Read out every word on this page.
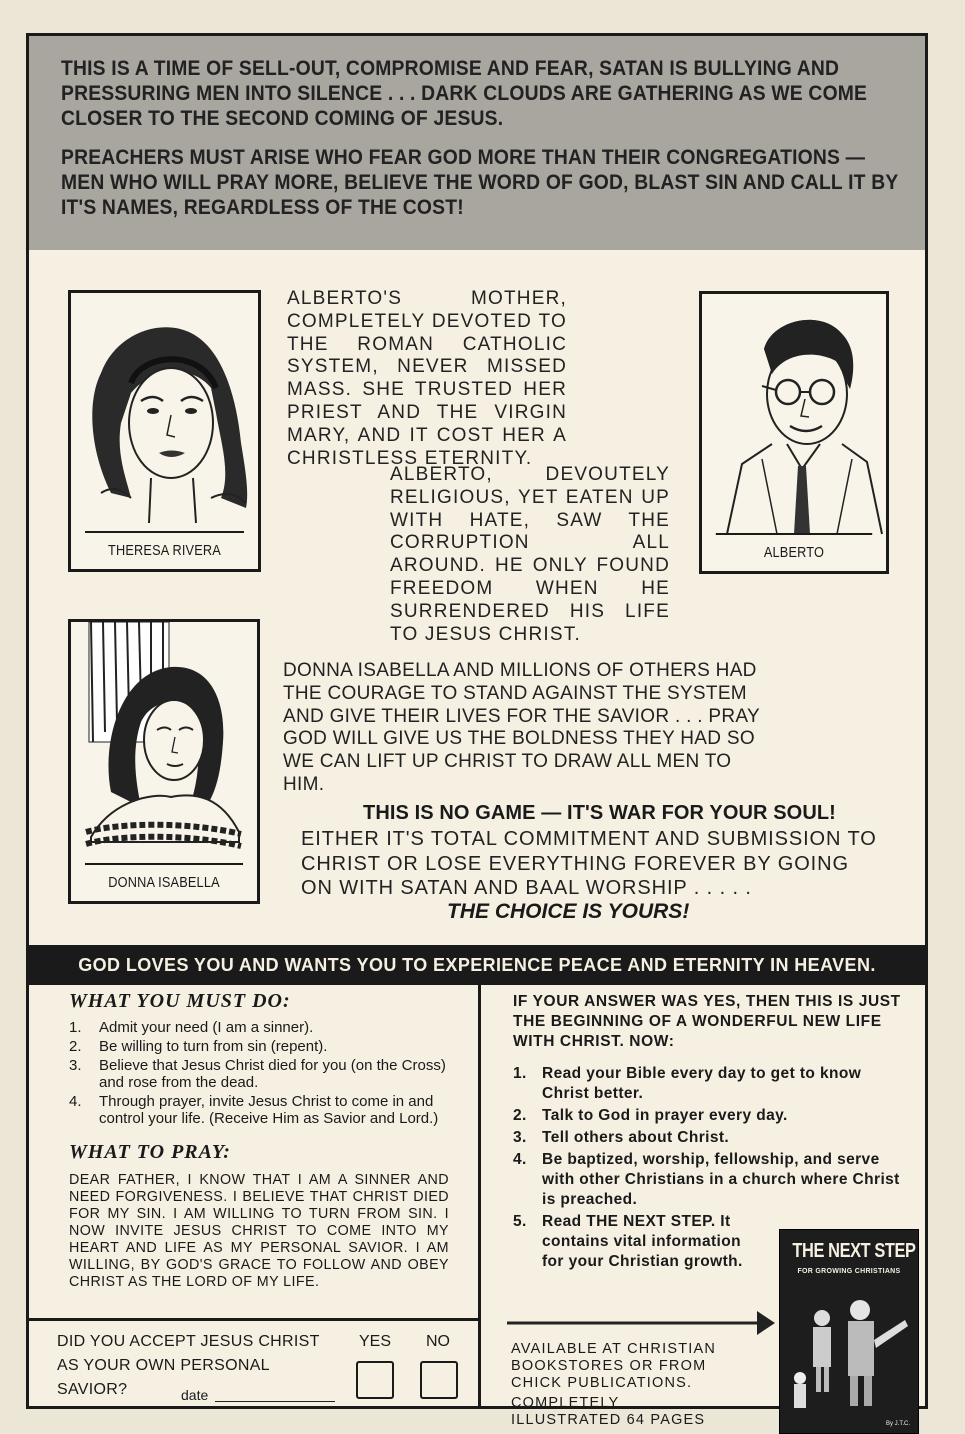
THIS IS A TIME OF SELL-OUT, COMPROMISE AND FEAR, SATAN IS BULLYING AND PRESSURING MEN INTO SILENCE . . . DARK CLOUDS ARE GATHERING AS WE COME CLOSER TO THE SECOND COMING OF JESUS.

PREACHERS MUST ARISE WHO FEAR GOD MORE THAN THEIR CONGREGATIONS — MEN WHO WILL PRAY MORE, BELIEVE THE WORD OF GOD, BLAST SIN AND CALL IT BY IT'S NAMES, REGARDLESS OF THE COST!

THERESA RIVERA	ALBERTO
DONNA ISABELLA
ALBERTO'S MOTHER, COMPLETELY DEVOTED TO THE ROMAN CATHOLIC SYSTEM, NEVER MISSED MASS. SHE TRUSTED HER PRIEST AND THE VIRGIN MARY, AND IT COST HER A CHRISTLESS ETERNITY.
ALBERTO, DEVOUTELY RELIGIOUS, YET EATEN UP WITH HATE, SAW THE CORRUPTION ALL AROUND. HE ONLY FOUND FREEDOM WHEN HE SURRENDERED HIS LIFE TO JESUS CHRIST.
DONNA ISABELLA AND MILLIONS OF OTHERS HAD THE COURAGE TO STAND AGAINST THE SYSTEM AND GIVE THEIR LIVES FOR THE SAVIOR . . . PRAY GOD WILL GIVE US THE BOLDNESS THEY HAD SO WE CAN LIFT UP CHRIST TO DRAW ALL MEN TO HIM.
THIS IS NO GAME — IT'S WAR FOR YOUR SOUL!
EITHER IT'S TOTAL COMMITMENT AND SUBMISSION TO CHRIST OR LOSE EVERYTHING FOREVER BY GOING ON WITH SATAN AND BAAL WORSHIP . . . . .
THE CHOICE IS YOURS!
GOD LOVES YOU AND WANTS YOU TO EXPERIENCE PEACE AND ETERNITY IN HEAVEN.
WHAT YOU MUST DO:
1. Admit your need (I am a sinner).
2. Be willing to turn from sin (repent).
3. Believe that Jesus Christ died for you (on the Cross) and rose from the dead.
4. Through prayer, invite Jesus Christ to come in and control your life. (Receive Him as Savior and Lord.)
WHAT TO PRAY:
DEAR FATHER, I KNOW THAT I AM A SINNER AND NEED FORGIVENESS. I BELIEVE THAT CHRIST DIED FOR MY SIN. I AM WILLING TO TURN FROM SIN. I NOW INVITE JESUS CHRIST TO COME INTO MY HEART AND LIFE AS MY PERSONAL SAVIOR. I AM WILLING, BY GOD'S GRACE TO FOLLOW AND OBEY CHRIST AS THE LORD OF MY LIFE.
DID YOU ACCEPT JESUS CHRIST
AS YOUR OWN PERSONAL
SAVIOR?	date
YES NO
IF YOUR ANSWER WAS YES, THEN THIS IS JUST THE BEGINNING OF A WONDERFUL NEW LIFE WITH CHRIST. NOW:
1. Read your Bible every day to get to know Christ better.
2. Talk to God in prayer every day.
3. Tell others about Christ.
4. Be baptized, worship, fellowship, and serve with other Christians in a church where Christ is preached.
5. Read THE NEXT STEP. It contains vital information for your Christian growth.
AVAILABLE AT CHRISTIAN BOOKSTORES OR FROM CHICK PUBLICATIONS.
COMPLETELY ILLUSTRATED 64 PAGES
THE NEXT STEP
FOR GROWING CHRISTIANS
By J.T.C.
